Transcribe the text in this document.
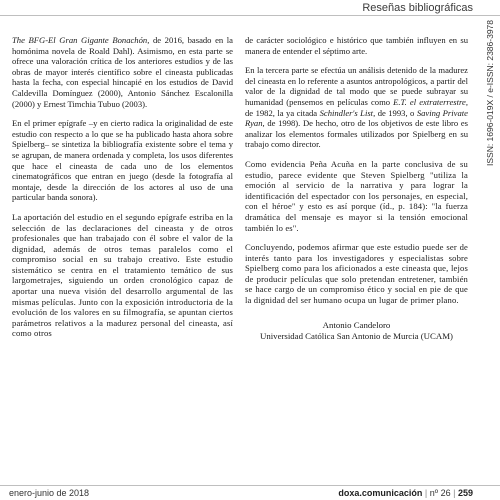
Reseñas bibliográficas

The BFG-El Gran Gigante Bonachón, de 2016, basado en la homónima novela de Roald Dahl). Asimismo, en esta parte se ofrece una valoración crítica de los anteriores estudios y de las obras de mayor interés científico sobre el cineasta publicadas hasta la fecha, con especial hincapié en los estudios de David Caldevilla Domínguez (2000), Antonio Sánchez Escalonilla (2000) y Ernest Timchia Tubuo (2003).

En el primer epígrafe –y en cierto radica la originalidad de este estudio con respecto a lo que se ha publicado hasta ahora sobre Spielberg– se sintetiza la bibliografía existente sobre el tema y se agrupan, de manera ordenada y completa, los usos diferentes que hace el cineasta de cada uno de los elementos cinematográficos que entran en juego (desde la fotografía al montaje, desde la dirección de los actores al uso de una particular banda sonora).

La aportación del estudio en el segundo epígrafe estriba en la selección de las declaraciones del cineasta y de otros profesionales que han trabajado con él sobre el valor de la dignidad, además de otros temas paralelos como el compromiso social en su trabajo creativo. Este estudio sistemático se centra en el tratamiento temático de sus largometrajes, siguiendo un orden cronológico capaz de aportar una nueva visión del desarrollo argumental de las mismas películas. Junto con la exposición introductoria de la evolución de los valores en su filmografía, se apuntan ciertos parámetros relativos a la madurez personal del cineasta, así como otros

de carácter sociológico e histórico que también influyen en su manera de entender el séptimo arte.

En la tercera parte se efectúa un análisis detenido de la madurez del cineasta en lo referente a asuntos antropológicos, a partir del valor de la dignidad de tal modo que se puede subrayar su humanidad (pensemos en películas como E.T. el extraterrestre, de 1982, la ya citada Schindler's List, de 1993, o Saving Private Ryan, de 1998). De hecho, otro de los objetivos de este libro es analizar los elementos formales utilizados por Spielberg en su trabajo como director.

Como evidencia Peña Acuña en la parte conclusiva de su estudio, parece evidente que Steven Spielberg "utiliza la emoción al servicio de la narrativa y para lograr la identificación del espectador con los personajes, en especial, con el héroe" y esto es así porque (íd., p. 184): "la fuerza dramática del mensaje es mayor si la tensión emocional también lo es".

Concluyendo, podemos afirmar que este estudio puede ser de interés tanto para los investigadores y especialistas sobre Spielberg como para los aficionados a este cineasta que, lejos de producir películas que solo pretendan entretener, también se hace cargo de un compromiso ético y social en pie de que la dignidad del ser humano ocupa un lugar de primer plano.

Antonio Candeloro
Universidad Católica San Antonio de Murcia (UCAM)
ISSN: 1696-019X / e-ISSN: 2386-3978
enero-junio de 2018	doxa.comunicación | nº 26 | 259
